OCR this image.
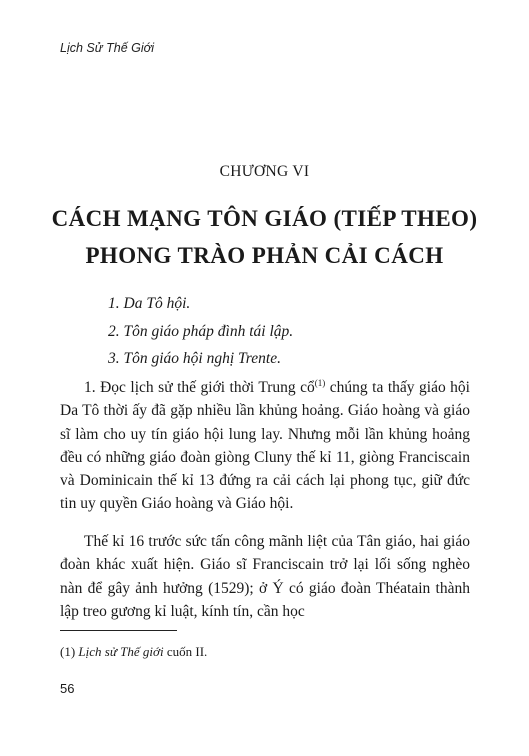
Lịch Sử Thế Giới
CHƯƠNG VI
CÁCH MẠNG TÔN GIÁO (TIẾP THEO)
PHONG TRÀO PHẢN CẢI CÁCH
1. Da Tô hội.
2. Tôn giáo pháp đình tái lập.
3. Tôn giáo hội nghị Trente.

1. Đọc lịch sử thế giới thời Trung cổ$^{(1)}$ chúng ta thấy giáo hội Da Tô thời ấy đã gặp nhiều lần khủng hoảng. Giáo hoàng và giáo sĩ làm cho uy tín giáo hội lung lay. Nhưng mỗi lần khủng hoảng đều có những giáo đoàn giòng Cluny thế kỉ 11, giòng Franciscain và Dominicain thế kỉ 13 đứng ra cải cách lại phong tục, giữ đức tin uy quyền Giáo hoàng và Giáo hội.

Thế kỉ 16 trước sức tấn công mãnh liệt của Tân giáo, hai giáo đoàn khác xuất hiện. Giáo sĩ Franciscain trở lại lối sống nghèo nàn để gây ảnh hưởng (1529); ở Ý có giáo đoàn Théatain thành lập treo gương kỉ luật, kính tín, cần học

(1) Lịch sử Thế giới cuốn II.
56
